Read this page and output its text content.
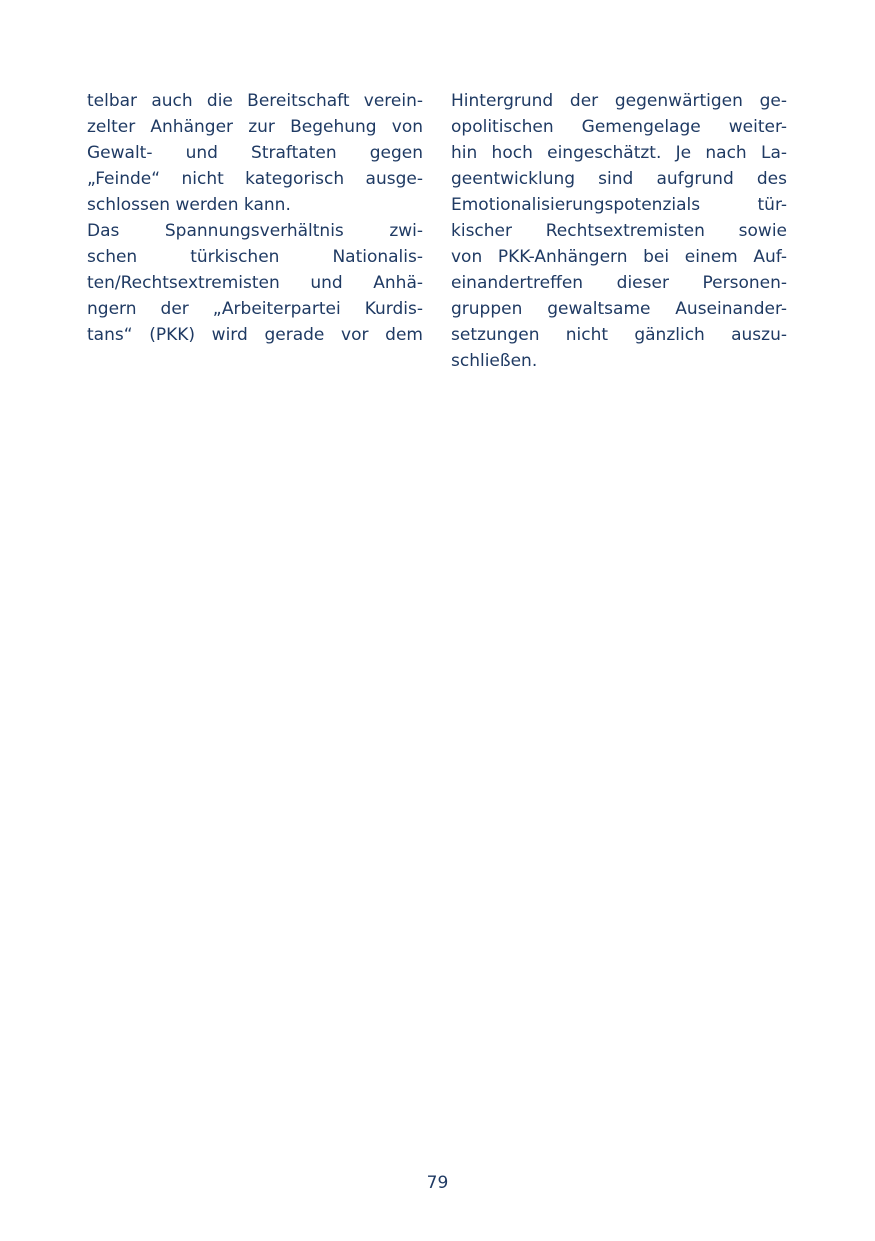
telbar auch die Bereitschaft verein-
zelter Anhänger zur Begehung von
Gewalt- und Straftaten gegen
„Feinde“ nicht kategorisch ausge-
schlossen werden kann.
Das Spannungsverhältnis zwi-
schen türkischen Nationalis-
ten/Rechtsextremisten und Anhä-
ngern der „Arbeiterpartei Kurdis-
tans“ (PKK) wird gerade vor dem
Hintergrund der gegenwärtigen ge-
opolitischen Gemengelage weiter-
hin hoch eingeschätzt. Je nach La-
geentwicklung sind aufgrund des
Emotionalisierungspotenzials tür-
kischer Rechtsextremisten sowie
von PKK-Anhängern bei einem Auf-
einandertreffen dieser Personen-
gruppen gewaltsame Auseinander-
setzungen nicht gänzlich auszu-
schließen.

79
